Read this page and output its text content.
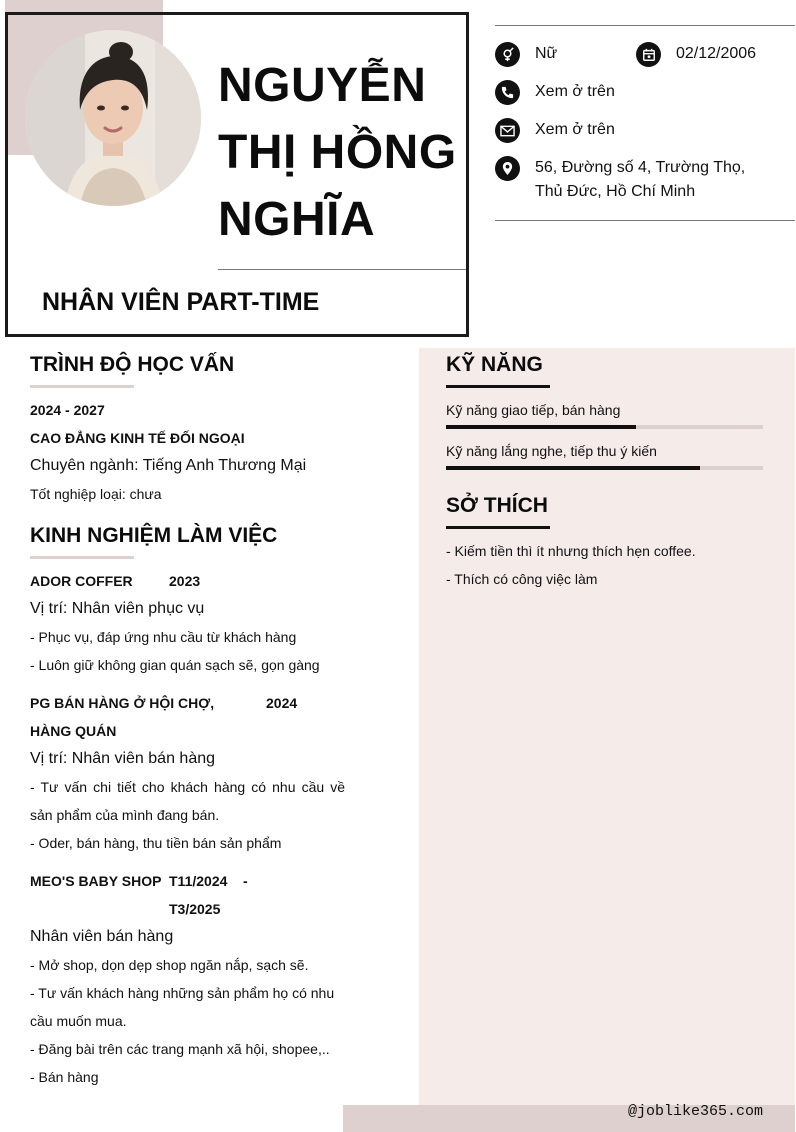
NGUYỄN
THỊ HỒNG
NGHĨA
NHÂN VIÊN PART-TIME
Nữ	02/12/2006
Xem ở trên
Xem ở trên
56, Đường số 4, Trường Thọ,
Thủ Đức, Hồ Chí Minh
TRÌNH ĐỘ HỌC VẤN
2024 - 2027
CAO ĐẲNG KINH TẾ ĐỐI NGOẠI
Chuyên ngành: Tiếng Anh Thương Mại
Tốt nghiệp loại: chưa
KINH NGHIỆM LÀM VIỆC
ADOR COFFER	2023
Vị trí: Nhân viên phục vụ
- Phục vụ, đáp ứng nhu cầu từ khách hàng
- Luôn giữ không gian quán sạch sẽ, gọn gàng
PG BÁN HÀNG Ở HỘI CHỢ,
HÀNG QUÁN
2024
Vị trí: Nhân viên bán hàng
- Tư vấn chi tiết cho khách hàng có nhu cầu về
sản phẩm của mình đang bán.
- Oder, bán hàng, thu tiền bán sản phẩm
MEO'S BABY SHOP T11/2024    -
T3/2025
Nhân viên bán hàng
- Mở shop, dọn dẹp shop ngăn nắp, sạch sẽ.
- Tư vấn khách hàng những sản phẩm họ có nhu
cầu muốn mua.
- Đăng bài trên các trang mạnh xã hội, shopee,..
- Bán hàng
KỸ NĂNG
Kỹ năng giao tiếp, bán hàng
Kỹ năng lắng nghe, tiếp thu ý kiến
SỞ THÍCH
- Kiếm tiền thì ít nhưng thích hẹn coffee.
- Thích có công việc làm
@joblike365.com
